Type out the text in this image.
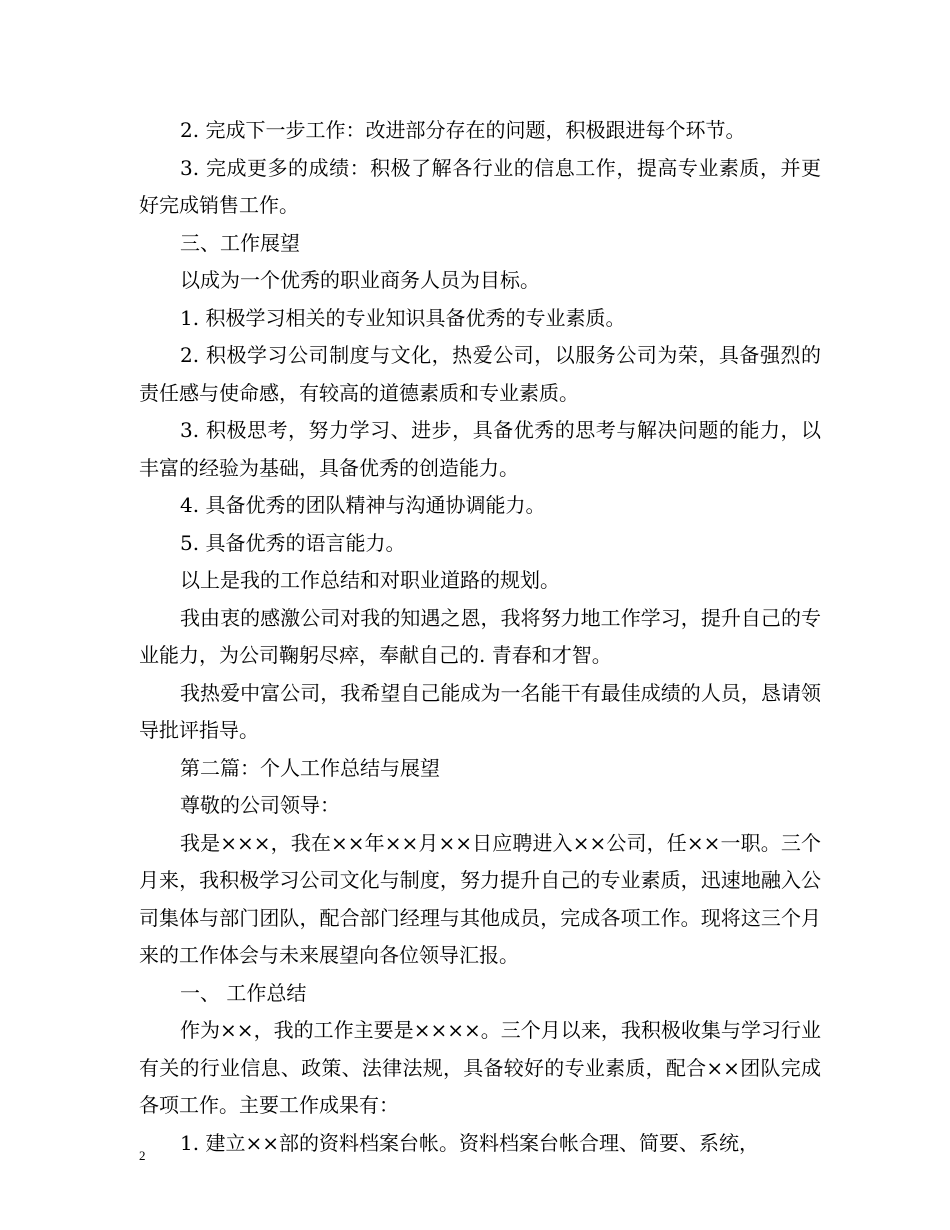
2. 完成下一步工作：改进部分存在的问题，积极跟进每个环节。

3. 完成更多的成绩：积极了解各行业的信息工作，提高专业素质，并更好完成销售工作。

三、工作展望

以成为一个优秀的职业商务人员为目标。

1. 积极学习相关的专业知识具备优秀的专业素质。

2. 积极学习公司制度与文化，热爱公司，以服务公司为荣，具备强烈的责任感与使命感，有较高的道德素质和专业素质。

3. 积极思考，努力学习、进步，具备优秀的思考与解决问题的能力，以丰富的经验为基础，具备优秀的创造能力。

4. 具备优秀的团队精神与沟通协调能力。

5. 具备优秀的语言能力。

以上是我的工作总结和对职业道路的规划。

我由衷的感激公司对我的知遇之恩，我将努力地工作学习，提升自己的专业能力，为公司鞠躬尽瘁，奉献自己的. 青春和才智。

我热爱中富公司，我希望自己能成为一名能干有最佳成绩的人员，恳请领导批评指导。

第二篇：个人工作总结与展望

尊敬的公司领导：

我是×××，我在××年××月××日应聘进入××公司，任××一职。三个月来，我积极学习公司文化与制度，努力提升自己的专业素质，迅速地融入公司集体与部门团队，配合部门经理与其他成员，完成各项工作。现将这三个月来的工作体会与未来展望向各位领导汇报。

一、 工作总结

作为××，我的工作主要是××××。三个月以来，我积极收集与学习行业有关的行业信息、政策、法律法规，具备较好的专业素质，配合××团队完成各项工作。主要工作成果有：

1. 建立××部的资料档案台帐。资料档案台帐合理、简要、系统，

2
